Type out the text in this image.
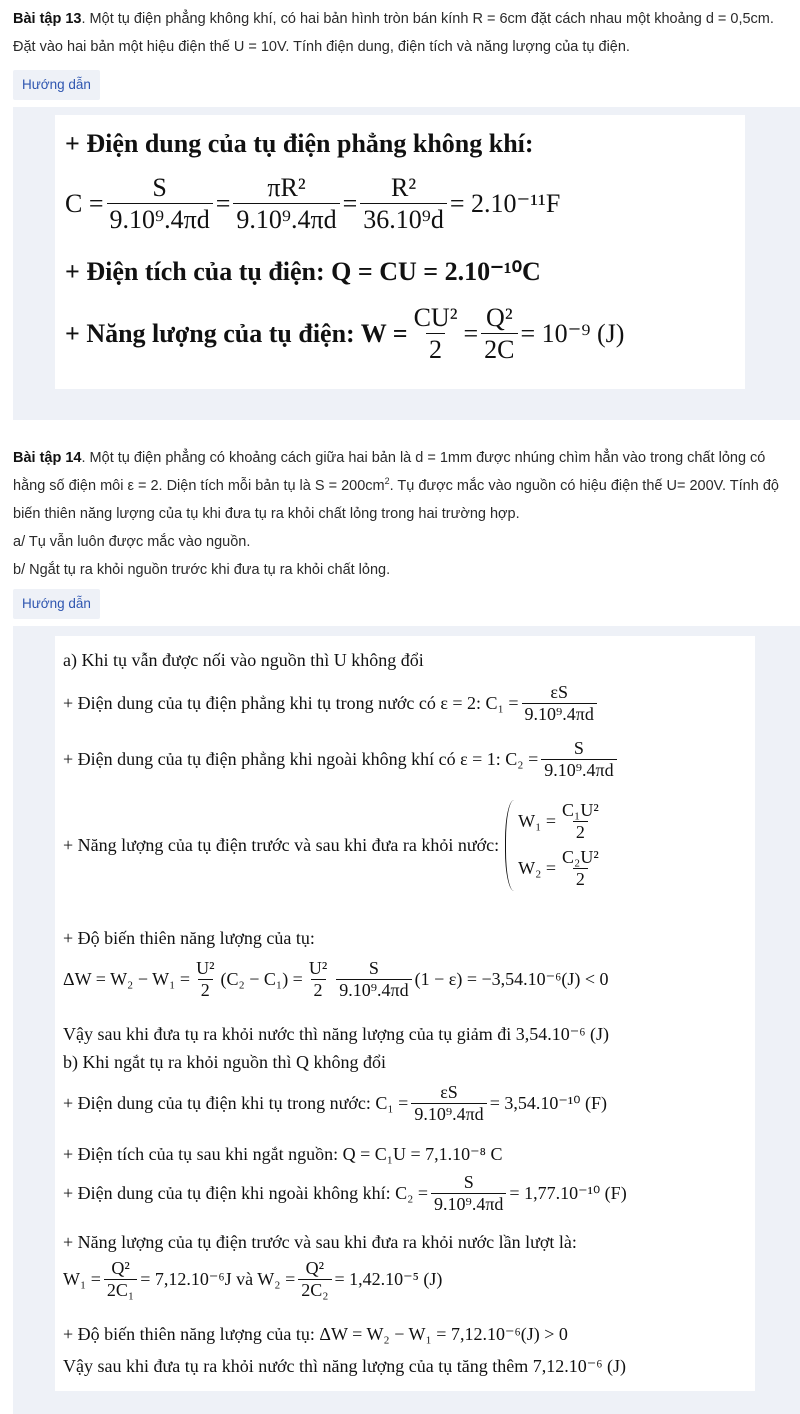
Bài tập 13. Một tụ điện phẳng không khí, có hai bản hình tròn bán kính R = 6cm đặt cách nhau một khoảng d = 0,5cm. Đặt vào hai bản một hiệu điện thế U = 10V. Tính điện dung, điện tích và năng lượng của tụ điện.
Hướng dẫn
+ Điện dung của tụ điện phẳng không khí:
$C = \frac{S}{\text{9.10⁹.4πd}} = \frac{\text{πR²}}{\text{9.10⁹.4πd}} = \frac{\text{R²}}{\text{36.10⁹d}} = 2.10^{-11}F$
+ Điện tích của tụ điện: Q = CU = 2.10⁻¹⁰C
+ Năng lượng của tụ điện: $W = \frac{\text{CU²}}{2} = \frac{\text{Q²}}{2C} = 10^{-9}$ (J)
Bài tập 14. Một tụ điện phẳng có khoảng cách giữa hai bản là d = 1mm được nhúng chìm hẳn vào trong chất lỏng có hằng số điện môi ε = 2. Diện tích mỗi bản tụ là $S = 200cm^2$. Tụ được mắc vào nguồn có hiệu điện thế U= 200V. Tính độ biến thiên năng lượng của tụ khi đưa tụ ra khỏi chất lỏng trong hai trường hợp.
a/ Tụ vẫn luôn được mắc vào nguồn.
b/ Ngắt tụ ra khỏi nguồn trước khi đưa tụ ra khỏi chất lỏng.
Hướng dẫn
a) Khi tụ vẫn được nối vào nguồn thì U không đổi
+ Điện dung của tụ điện phẳng khi tụ trong nước có ε = 2: $C_1 = \frac{\varepsilon S}{\text{9.10⁹.4πd}}$
+ Điện dung của tụ điện phẳng khi ngoài không khí có ε = 1: $C_2 = \frac{S}{\text{9.10⁹.4πd}}$
+ Năng lượng của tụ điện trước và sau khi đưa ra khỏi nước:
$W_1 = \frac{\text{C₁U²}}{2}$
$W_2 = \frac{\text{C₂U²}}{2}$
+ Độ biến thiên năng lượng của tụ:
$\Delta W = W_2 - W_1 = \frac{\text{U²}}{2} (C_2 - C_1) = \frac{\text{U²}}{2} \frac{S}{\text{9.10⁹.4πd}} (1 - \varepsilon) = -3,54.10^{-6}(J) < 0$
Vậy sau khi đưa tụ ra khỏi nước thì năng lượng của tụ giảm đi 3,54.10⁻⁶ (J)
b) Khi ngắt tụ ra khỏi nguồn thì Q không đổi
+ Điện dung của tụ điện khi tụ trong nước: $C_1 = \frac{\varepsilon S}{\text{9.10⁹.4πd}} = 3,54.10^{-10}$ (F)
+ Điện tích của tụ sau khi ngắt nguồn: Q = C₁U = 7,1.10⁻⁸ C
+ Điện dung của tụ điện khi ngoài không khí: $C_2 = \frac{S}{\text{9.10⁹.4πd}} = 1,77.10^{-10}$ (F)
+ Năng lượng của tụ điện trước và sau khi đưa ra khỏi nước lần lượt là:
$W_1 = \frac{\text{Q²}}{\text{2C₁}} = 7,12.10^{-6}J$ và $W_2 = \frac{\text{Q²}}{\text{2C₂}} = 1,42.10^{-5}$ (J)
+ Độ biến thiên năng lượng của tụ: ΔW = W₂ − W₁ = 7,12.10⁻⁶(J) > 0
Vậy sau khi đưa tụ ra khỏi nước thì năng lượng của tụ tăng thêm 7,12.10⁻⁶ (J)
